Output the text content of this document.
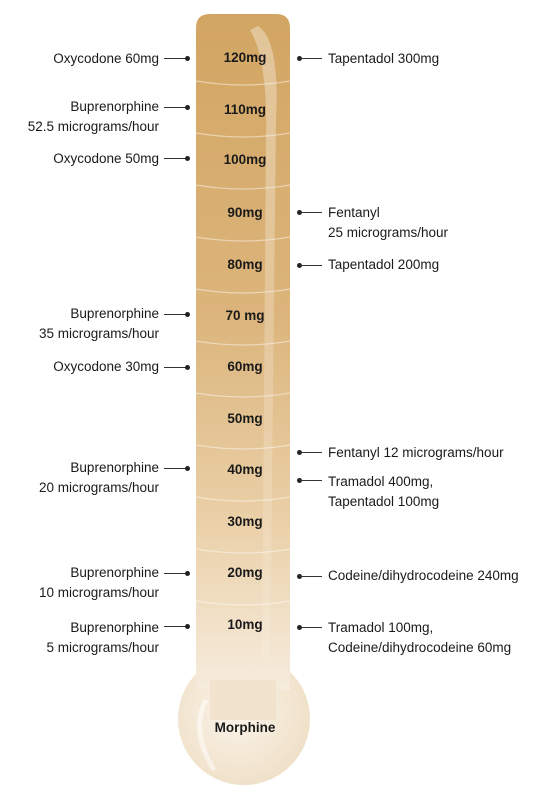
120mg
110mg
100mg
90mg
80mg
70 mg
60mg
50mg
40mg
30mg
20mg
10mg
Morphine
Oxycodone 60mg
Buprenorphine
52.5 micrograms/hour
Oxycodone 50mg
Buprenorphine
35 micrograms/hour
Oxycodone 30mg
Buprenorphine
20 micrograms/hour
Buprenorphine
10 micrograms/hour
Buprenorphine
5 micrograms/hour
Tapentadol 300mg
Fentanyl
25 micrograms/hour
Tapentadol 200mg
Fentanyl 12 micrograms/hour
Tramadol 400mg,
Tapentadol 100mg
Codeine/dihydrocodeine 240mg
Tramadol 100mg,
Codeine/dihydrocodeine 60mg
